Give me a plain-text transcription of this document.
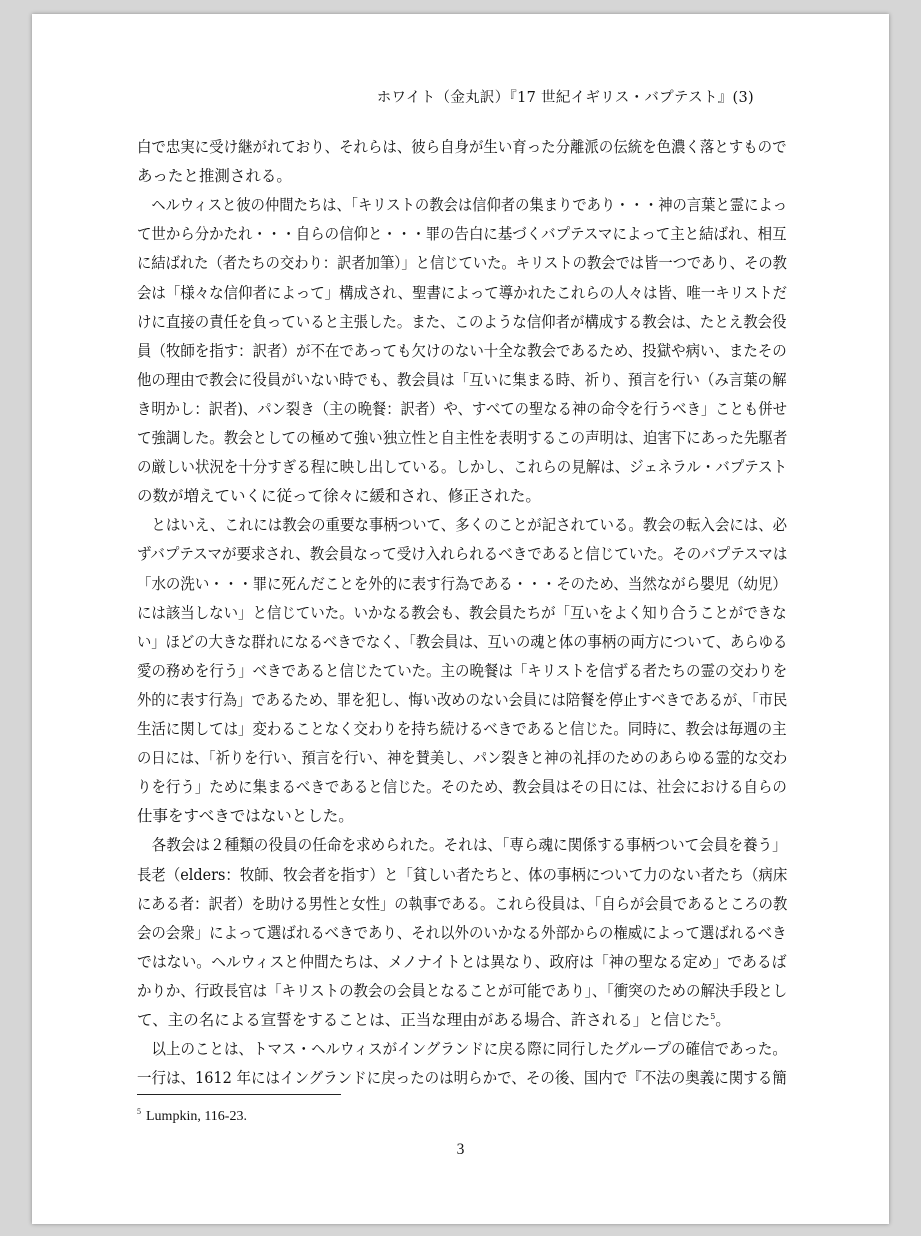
ホワイト（金丸訳）『17 世紀イギリス・バプテスト』(3)
白で忠実に受け継がれており、それらは、彼ら自身が生い育った分離派の伝統を色濃く落とすもので
あったと推測される。
　ヘルウィスと彼の仲間たちは、「キリストの教会は信仰者の集まりであり・・・神の言葉と霊によっ
て世から分かたれ・・・自らの信仰と・・・罪の告白に基づくバプテスマによって主と結ばれ、相互
に結ばれた（者たちの交わり：訳者加筆）」と信じていた。キリストの教会では皆一つであり、その教
会は「様々な信仰者によって」構成され、聖書によって導かれたこれらの人々は皆、唯一キリストだ
けに直接の責任を負っていると主張した。また、このような信仰者が構成する教会は、たとえ教会役
員（牧師を指す：訳者）が不在であっても欠けのない十全な教会であるため、投獄や病い、またその
他の理由で教会に役員がいない時でも、教会員は「互いに集まる時、祈り、預言を行い（み言葉の解
き明かし：訳者)、パン裂き（主の晩餐：訳者）や、すべての聖なる神の命令を行うべき」ことも併せ
て強調した。教会としての極めて強い独立性と自主性を表明するこの声明は、迫害下にあった先駆者
の厳しい状況を十分すぎる程に映し出している。しかし、これらの見解は、ジェネラル・バプテスト
の数が増えていくに従って徐々に緩和され、修正された。
　とはいえ、これには教会の重要な事柄ついて、多くのことが記されている。教会の転入会には、必
ずバプテスマが要求され、教会員なって受け入れられるべきであると信じていた。そのバプテスマは
「水の洗い・・・罪に死んだことを外的に表す行為である・・・そのため、当然ながら嬰児（幼児）
には該当しない」と信じていた。いかなる教会も、教会員たちが「互いをよく知り合うことができな
い」ほどの大きな群れになるべきでなく、「教会員は、互いの魂と体の事柄の両方について、あらゆる
愛の務めを行う」べきであると信じたていた。主の晩餐は「キリストを信ずる者たちの霊の交わりを
外的に表す行為」であるため、罪を犯し、悔い改めのない会員には陪餐を停止すべきであるが、「市民
生活に関しては」変わることなく交わりを持ち続けるべきであると信じた。同時に、教会は毎週の主
の日には、「祈りを行い、預言を行い、神を賛美し、パン裂きと神の礼拝のためのあらゆる霊的な交わ
りを行う」ために集まるべきであると信じた。そのため、教会員はその日には、社会における自らの
仕事をすべきではないとした。
　各教会は２種類の役員の任命を求められた。それは、「専ら魂に関係する事柄ついて会員を養う」
長老（elders：牧師、牧会者を指す）と「貧しい者たちと、体の事柄について力のない者たち（病床
にある者：訳者）を助ける男性と女性」の執事である。これら役員は、「自らが会員であるところの教
会の会衆」によって選ばれるべきであり、それ以外のいかなる外部からの権威によって選ばれるべき
ではない。ヘルウィスと仲間たちは、メノナイトとは異なり、政府は「神の聖なる定め」であるば
かりか、行政長官は「キリストの教会の会員となることが可能であり」、「衝突のための解決手段とし
て、主の名による宣誓をすることは、正当な理由がある場合、許される」と信じた$^5$。
　以上のことは、トマス・ヘルウィスがイングランドに戻る際に同行したグループの確信であった。
一行は、1612 年にはイングランドに戻ったのは明らかで、その後、国内で『不法の奥義に関する簡
$^5$ Lumpkin, 116-23.
3
